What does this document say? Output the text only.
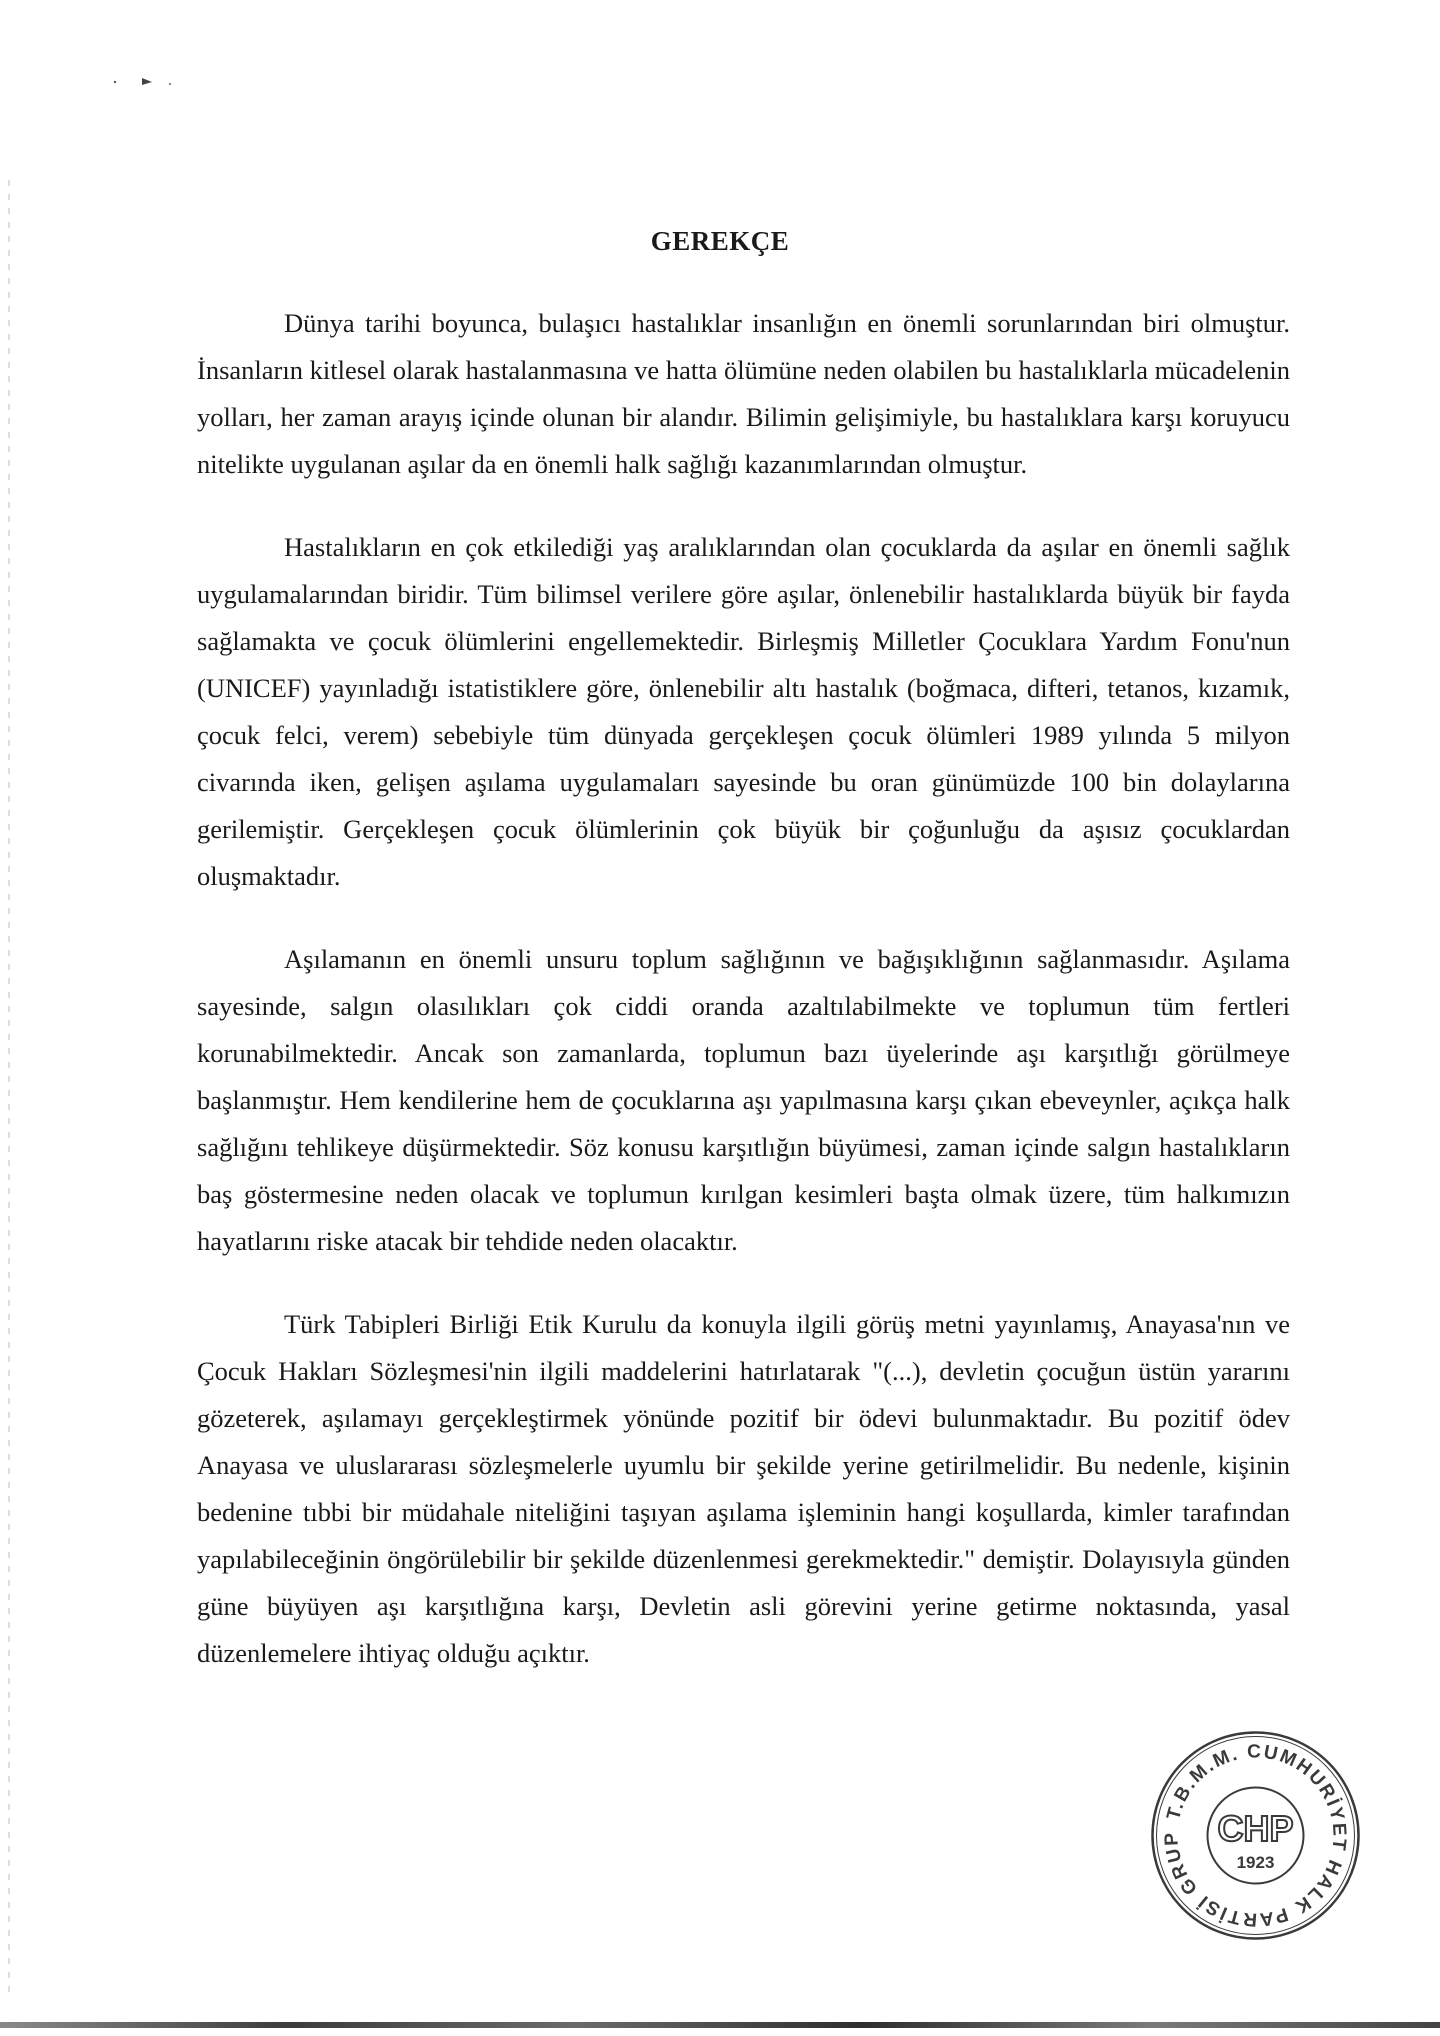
GEREKÇE

Dünya tarihi boyunca, bulaşıcı hastalıklar insanlığın en önemli sorunlarından biri olmuştur. İnsanların kitlesel olarak hastalanmasına ve hatta ölümüne neden olabilen bu hastalıklarla mücadelenin yolları, her zaman arayış içinde olunan bir alandır. Bilimin gelişimiyle, bu hastalıklara karşı koruyucu nitelikte uygulanan aşılar da en önemli halk sağlığı kazanımlarından olmuştur.

Hastalıkların en çok etkilediği yaş aralıklarından olan çocuklarda da aşılar en önemli sağlık uygulamalarından biridir. Tüm bilimsel verilere göre aşılar, önlenebilir hastalıklarda büyük bir fayda sağlamakta ve çocuk ölümlerini engellemektedir. Birleşmiş Milletler Çocuklara Yardım Fonu'nun (UNICEF) yayınladığı istatistiklere göre, önlenebilir altı hastalık (boğmaca, difteri, tetanos, kızamık, çocuk felci, verem) sebebiyle tüm dünyada gerçekleşen çocuk ölümleri 1989 yılında 5 milyon civarında iken, gelişen aşılama uygulamaları sayesinde bu oran günümüzde 100 bin dolaylarına gerilemiştir. Gerçekleşen çocuk ölümlerinin çok büyük bir çoğunluğu da aşısız çocuklardan oluşmaktadır.

Aşılamanın en önemli unsuru toplum sağlığının ve bağışıklığının sağlanmasıdır. Aşılama sayesinde, salgın olasılıkları çok ciddi oranda azaltılabilmekte ve toplumun tüm fertleri korunabilmektedir. Ancak son zamanlarda, toplumun bazı üyelerinde aşı karşıtlığı görülmeye başlanmıştır. Hem kendilerine hem de çocuklarına aşı yapılmasına karşı çıkan ebeveynler, açıkça halk sağlığını tehlikeye düşürmektedir. Söz konusu karşıtlığın büyümesi, zaman içinde salgın hastalıkların baş göstermesine neden olacak ve toplumun kırılgan kesimleri başta olmak üzere, tüm halkımızın hayatlarını riske atacak bir tehdide neden olacaktır.

Türk Tabipleri Birliği Etik Kurulu da konuyla ilgili görüş metni yayınlamış, Anayasa'nın ve Çocuk Hakları Sözleşmesi'nin ilgili maddelerini hatırlatarak "(...), devletin çocuğun üstün yararını gözeterek, aşılamayı gerçekleştirmek yönünde pozitif bir ödevi bulunmaktadır. Bu pozitif ödev Anayasa ve uluslararası sözleşmelerle uyumlu bir şekilde yerine getirilmelidir. Bu nedenle, kişinin bedenine tıbbi bir müdahale niteliğini taşıyan aşılama işleminin hangi koşullarda, kimler tarafından yapılabileceğinin öngörülebilir bir şekilde düzenlenmesi gerekmektedir." demiştir. Dolayısıyla günden güne büyüyen aşı karşıtlığına karşı, Devletin asli görevini yerine getirme noktasında, yasal düzenlemelere ihtiyaç olduğu açıktır.

T.B.M.M. CUMHURİYET HALK PARTİSİ GRUP CHP
1923
